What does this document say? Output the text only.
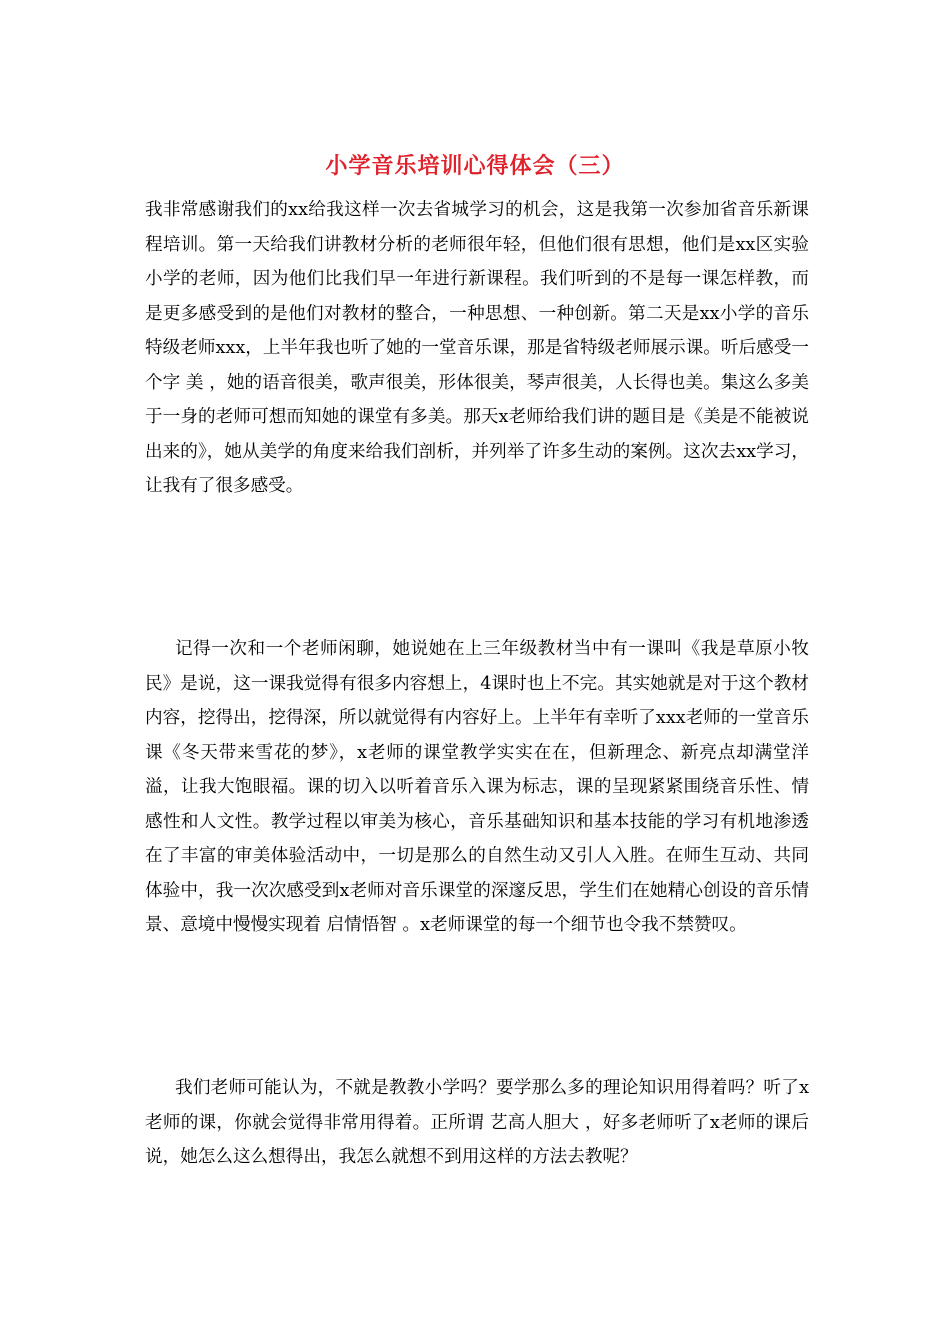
小学音乐培训心得体会（三）

我非常感谢我们的xx给我这样一次去省城学习的机会，这是我第一次参加省音乐新课程培训。第一天给我们讲教材分析的老师很年轻，但他们很有思想，他们是xx区实验小学的老师，因为他们比我们早一年进行新课程。我们听到的不是每一课怎样教，而是更多感受到的是他们对教材的整合，一种思想、一种创新。第二天是xx小学的音乐特级老师xxx，上半年我也听了她的一堂音乐课，那是省特级老师展示课。听后感受一个字 美 ，她的语音很美，歌声很美，形体很美，琴声很美，人长得也美。集这么多美于一身的老师可想而知她的课堂有多美。那天x老师给我们讲的题目是《美是不能被说出来的》，她从美学的角度来给我们剖析，并列举了许多生动的案例。这次去xx学习，让我有了很多感受。

记得一次和一个老师闲聊，她说她在上三年级教材当中有一课叫《我是草原小牧民》是说，这一课我觉得有很多内容想上，4课时也上不完。其实她就是对于这个教材内容，挖得出，挖得深，所以就觉得有内容好上。上半年有幸听了xxx老师的一堂音乐课《冬天带来雪花的梦》，x老师的课堂教学实实在在，但新理念、新亮点却满堂洋溢，让我大饱眼福。课的切入以听着音乐入课为标志，课的呈现紧紧围绕音乐性、情感性和人文性。教学过程以审美为核心，音乐基础知识和基本技能的学习有机地渗透在了丰富的审美体验活动中，一切是那么的自然生动又引人入胜。在师生互动、共同体验中，我一次次感受到x老师对音乐课堂的深邃反思，学生们在她精心创设的音乐情景、意境中慢慢实现着 启情悟智 。x老师课堂的每一个细节也令我不禁赞叹。

我们老师可能认为，不就是教教小学吗？要学那么多的理论知识用得着吗？听了x老师的课，你就会觉得非常用得着。正所谓 艺高人胆大 ，好多老师听了x老师的课后说，她怎么这么想得出，我怎么就想不到用这样的方法去教呢？
